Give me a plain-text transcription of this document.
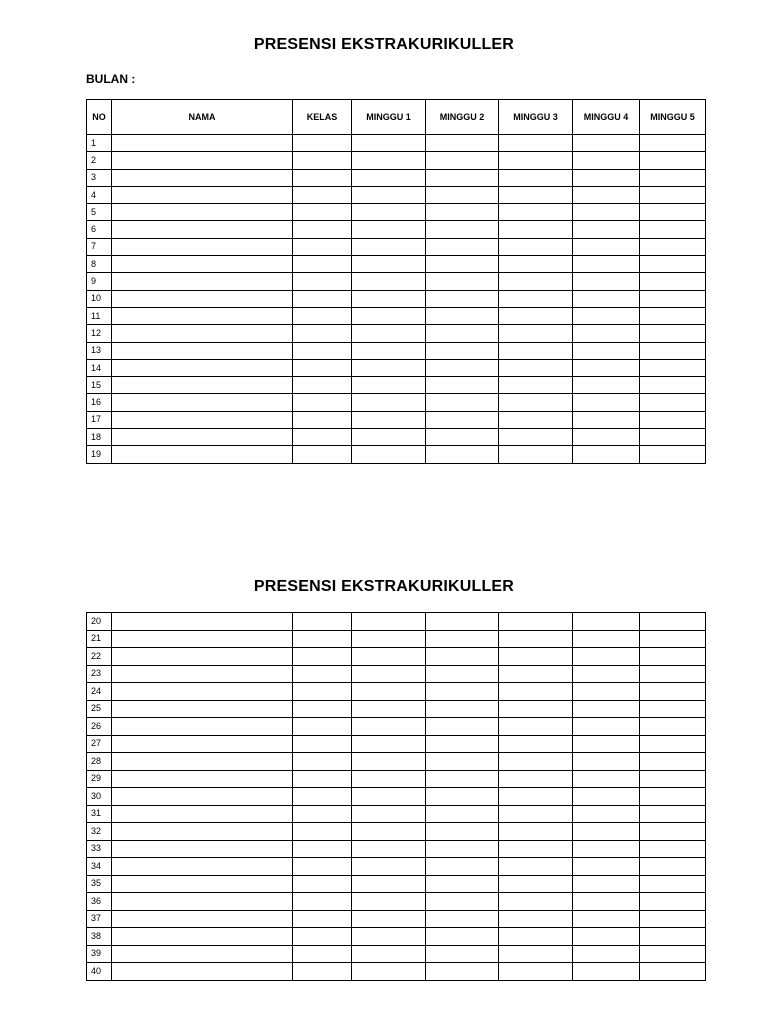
PRESENSI EKSTRAKURIKULLER
BULAN :
NO	NAMA	KELAS	MINGGU 1	MINGGU 2	MINGGU 3	MINGGU 4	MINGGU 5
1							
2							
3							
4							
5							
6							
7							
8							
9							
10							
11							
12							
13							
14							
15							
16							
17							
18							
19							
PRESENSI EKSTRAKURIKULLER
20							
21							
22							
23							
24							
25							
26							
27							
28							
29							
30							
31							
32							
33							
34							
35							
36							
37							
38							
39							
40							
